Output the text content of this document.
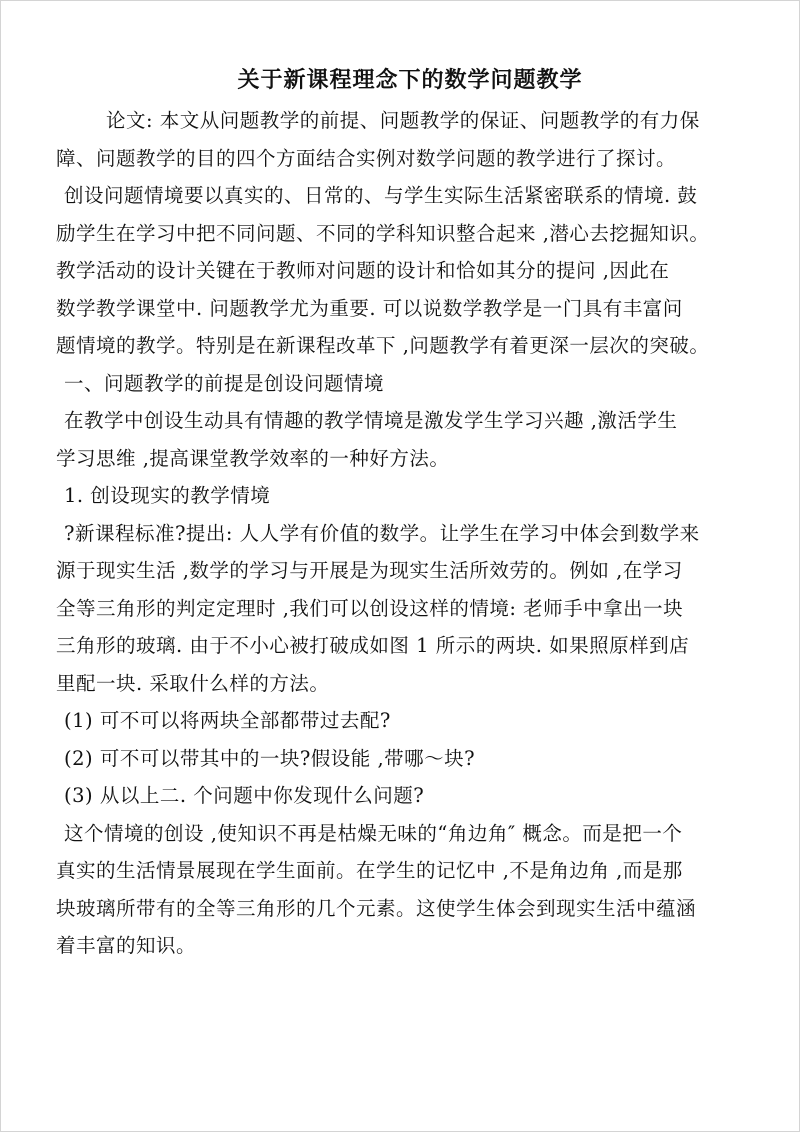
关于新课程理念下的数学问题教学
论文: 本文从问题教学的前提、问题教学的保证、问题教学的有力保
障、问题教学的目的四个方面结合实例对数学问题的教学进行了探讨。
创设问题情境要以真实的、日常的、与学生实际生活紧密联系的情境. 鼓
励学生在学习中把不同问题、不同的学科知识整合起来 ,潜心去挖掘知识。
教学活动的设计关键在于教师对问题的设计和恰如其分的提问 ,因此在
数学教学课堂中. 问题教学尤为重要. 可以说数学教学是一门具有丰富问
题情境的教学。特别是在新课程改革下 ,问题教学有着更深一层次的突破。
一、问题教学的前提是创设问题情境
在教学中创设生动具有情趣的教学情境是激发学生学习兴趣 ,激活学生
学习思维 ,提高课堂教学效率的一种好方法。
1. 创设现实的教学情境
?新课程标准?提出: 人人学有价值的数学。让学生在学习中体会到数学来
源于现实生活 ,数学的学习与开展是为现实生活所效劳的。例如 ,在学习
全等三角形的判定定理时 ,我们可以创设这样的情境: 老师手中拿出一块
三角形的玻璃. 由于不小心被打破成如图 1 所示的两块. 如果照原样到店
里配一块. 采取什么样的方法。
(1) 可不可以将两块全部都带过去配?
(2) 可不可以带其中的一块?假设能 ,带哪～块?
(3) 从以上二. 个问题中你发现什么问题?
这个情境的创设 ,使知识不再是枯燥无味的“角边角″ 概念。而是把一个
真实的生活情景展现在学生面前。在学生的记忆中 ,不是角边角 ,而是那
块玻璃所带有的全等三角形的几个元素。这使学生体会到现实生活中蕴涵
着丰富的知识。
